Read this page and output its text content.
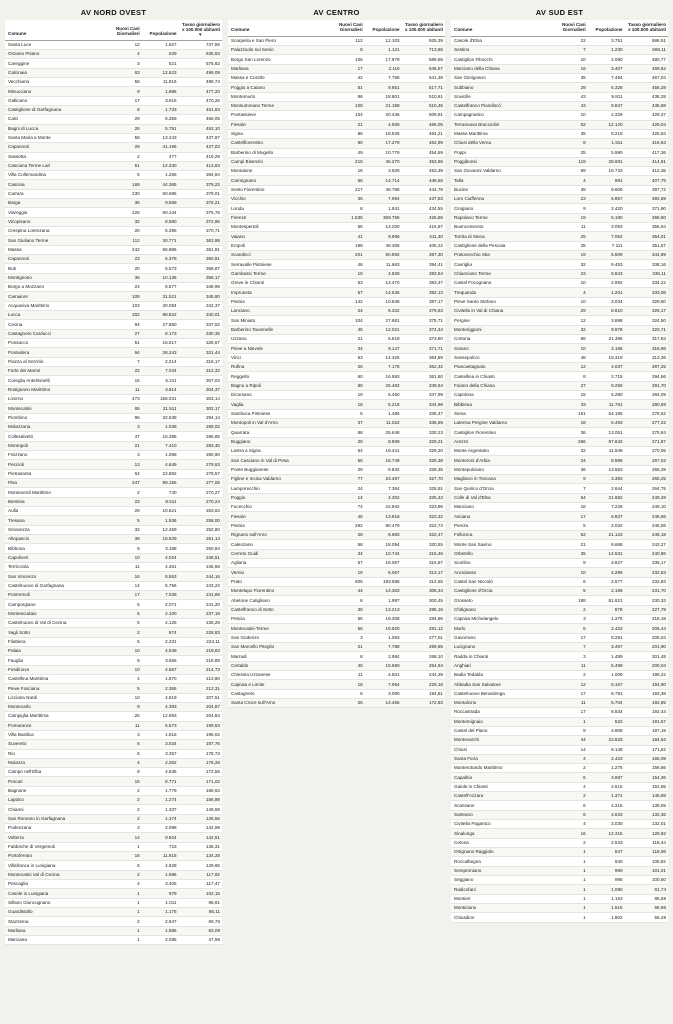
AV NORD OVEST
Comune	Nuovi Casi Giornalieri	Popolazione	Tasso giornaliero x 100.000 abitanti
▼

Santa Luce	12	1.627	737,55
Orciano Pisano	4	629	635,93
Careggine	3	521	575,82
Calcinaia	63	12.623	499,09
Vecchiano	58	11.916	486,74
Minucciano	9	1.886	477,20
Gallicano	17	3.615	470,26
Castiglione di Garfagnana	8	1.733	461,63
Calci	29	6.359	456,05
Bagni di Lucca	26	5.751	452,10
Santa Maria a Monte	58	13.243	437,97
Capannori	29	41.196	427,03
Sassetta	2	477	419,29
Casciana Terme Lari	51	12.330	413,63
Villa Collemandina	5	1.266	394,94
Cascina	169	44.365	379,22
Carrara	230	60.685	379,01
Barga	36	9.569	376,21
Viareggio	226	60.144	375,76
Vicopisano	32	8.580	372,96
Crespina Lorenzana	20	5.395	370,71
San Giuliano Terme	112	30.771	363,98
Massa	242	66.886	361,81
Capannori	23	6.378	360,61
Buti	20	5.573	358,87
Montignoso	36	10.136	355,17
Borgo a Mozzano	24	6.877	348,99
Camaiore	109	31.521	345,80
Acquaviva Marittimo	103	30.084	342,37
Lucca	302	88.822	340,01
Cecina	94	27.850	337,52
Castagneto Carducci	27	8.173	330,35
Ponsacco	51	15.517	328,67
Pontedera	94	28.243	321,44
Piazza al Serchio	7	2.214	316,17
Forte dei Marmi	22	7.044	312,32
Coreglia Antelminelli	16	5.211	307,04
Rosignano Marittimo	11	3.614	304,37
Livorno	473	156.031	303,14
Montecatini	65	21.511	302,17
Piombino	96	32.638	294,14
Molazzana	3	1.038	289,02
Collesalvetti	47	16.385	286,85
Montopoli	21	7.410	283,40
Fivizzano	3	1.068	280,90
Peccioli	13	4.649	279,63
Pietrasanta	64	22.892	279,57
Pisa	247	89.155	277,05
Monteverdi Marittimo	2	740	270,27
Bientina	23	8.511	270,24
Aulla	28	10.621	263,63
Tresana	5	1.936	258,00
Seravezza	32	12.459	252,80
Altopascio	39	15.529	251,14
Bibbona	8	3.188	250,94
Capoliveri	10	4.024	248,51
Terricciola	11	4.461	246,58
San Vincenzo	16	6.553	244,16
Castelnuovo di Garfagnana	14	5.756	243,22
Pontremoli	17	7.028	241,89
Camporgiano	5	2.071	241,20
Montescudaio	5	2.100	237,19
Castelnuovo di Val di Cecina	5	2.125	235,29
Vagli Sotto	2	874	228,83
Filattiera	5	2.231	224,11
Palaia	10	4.549	219,83
Fauglia	8	3.655	218,88
Fosdinovo	10	4.657	214,73
Castellina Marittima	4	1.870	213,90
Pieve Fosciana	5	2.355	212,31
Licciana Nardi	10	4.819	207,51
Montecarlo	9	4.393	204,87
Campiglia Marittima	26	12.693	204,84
Pomarance	11	5.573	199,53
Villa Basilica	3	1.515	198,02
Suvereto	6	3.034	197,76
Rio	6	3.357	178,73
Mulazzo	4	2.262	175,28
Campo nell'Elba	8	4.636	172,56
Porcari	15	8.771	171,02
Bagnone	2	1.779	168,63
Lajatico	2	1.274	156,99
Chianni	2	1.337	149,59
San Romano in Garfagnana	2	1.374	145,56
Podenzana	3	2.098	142,99
Volterra	14	9.824	142,51
Fabbriche di Vergemoli	1	723	138,31
Portoferraio	16	11.915	134,28
Villafranca in Lunigiana	6	4.628	129,65
Montecatini Val di Cecina	2	1.696	117,92
Pescaglia	4	3.405	117,47
Casole in Lunigiana	1	979	102,15
Sillano Giuncugnano	1	1.011	98,91
Guardistallo	1	1.175	85,11
Stazzema	2	2.847	69,76
Marliana	1	1.585	63,09
Marciana	1	2.085	47,96
AV CENTRO
Comune	Nuovi Casi Giornalieri	Popolazione	Tasso giornaliero x 100.000 abitanti
Scarperia e San Piero	112	12.103	925,39
Palazzuolo sul Senio	8	1.121	713,65
Borgo San Lorenzo	106	17.979	589,58
Marliana	17	3.116	545,57
Massa e Cozzile	42	7.758	541,38
Poggio a Caiano	51	9.851	517,71
Montemurlo	96	18.801	510,61
Monsummano Terme	108	21.158	510,45
Pontassieve	104	20.436	509,91
Fiesole	21	4.506	466,05
Signa	86	18.526	464,21
Castelfiorentino	80	17.279	462,99
Barberino di Mugello	49	10.779	454,59
Campi Bisenzio	210	46.270	453,86
Montaione	16	3.529	453,39
Carmignano	66	14.714	448,55
Sesto Fiorentino	217	48.768	444,78
Vicchio	35	7.994	437,83
Londa	8	1.841	434,55
Firenze	1.535	359.755	426,68
Montespertoli	55	13.200	416,67
Vaiano	41	9.966	411,40
Empoli	198	48.368	405,22
Scandicci	201	50.592	397,30
Serravalle Pistoiese	46	11.663	394,41
Gambassi Terme	19	4.828	393,54
Greve in Chianti	53	13.470	393,47
Impruneta	57	14.536	392,13
Pistoia	142	10.848	387,17
Lanciano	24	6.322	379,63
San Miniato	104	27.681	375,71
Barberino Tavarnelle	45	12.021	374,34
Uzzano	21	5.618	373,80
Pieve a Nievole	34	9.147	371,71
Vinci	53	14.325	364,89
Rufina	26	7.176	362,32
Reggello	60	16.593	361,60
Bagno a Ripoli	89	25.462	349,54
Dicomano	19	5.460	347,99
Vaglia	18	5.218	344,96
Sambuca Pistoiese	5	1.486	336,47
Montopoli in Val d'Arno	37	11.022	335,69
Quarrata	88	26.648	330,23
Buggiano	29	8.809	329,21
Lastra a Signa	64	19.441	329,20
San Casciano in Val di Pesa	55	16.749	328,38
Ponte Buggianese	29	8.832	328,35
Figline e Incisa Valdarno	77	23.497	327,70
Lamporecchio	24	7.364	325,91
Poggio	14	4.302	325,43
Fucecchio	74	22.942	323,96
Fiesole	45	13.918	323,32
Pistoia	292	90.479	322,73
Rignano sull'Arno	28	8.683	322,47
Calenzano	58	18.094	320,55
Cerreto Guidi	34	10.744	316,46
Agliana	57	18.057	315,67
Vernio	19	6.067	313,17
Prato	605	193.598	312,55
Montelupo Fiorentino	44	14.363	306,34
Abetone Cutigliano	6	1.997	300,45
Castelfranco di Sotto	39	13.213	295,16
Pescia	55	19.308	284,86
Montecatini-Terme	56	19.920	281,12
San Godenzo	3	1.083	277,01
San Marcello Piteglio	21	7.788	269,65
Marradi	8	2.984	268,10
Certaldo	40	15.690	254,94
Chiesina Uzzanese	11	4.501	244,39
Capraia e Limite	18	7.954	229,18
Castagneto	6	3.080	194,81
Santa Croce sull'Arno	25	14.465	172,83
AV SUD EST
Comune	Nuovi Casi Giornalieri	Popolazione	Tasso giornaliero x 100.000 abitanti
Casole d'Elsa	22	3.751	586,51
Sestino	7	1.230	569,11
Castiglion Fibocchi	10	2.080	480,77
Marciano della Chiana	16	3.407	469,62
San Gimignano	35	7.494	467,04
Subbiano	29	6.328	458,28
Sovicille	43	9.811	438,28
Castelfranco Piandiscò	43	9.847	436,68
Campagnatico	10	2.329	429,37
Terranuova Bracciolini	52	12.120	429,04
Massa Marittima	35	8.219	425,84
Chiusi della Verna	8	1.911	418,63
Poppi	25	5.990	417,36
Poggibonsi	119	28.681	414,91
San Giovanni Valdarno	69	16.733	412,36
Talla	4	981	407,75
Bucine	39	9.806	397,72
Loro Ciuffenna	23	5.857	392,69
Cinigiano	9	2.420	371,90
Rapolano Terme	19	5.180	366,80
Buonconvento	11	3.093	355,64
Torrita di Siena	25	7.062	354,01
Castiglione della Pescaia	25	7.111	351,57
Pratovecchio Stia	19	5.509	344,89
Cavriglia	32	9.463	338,16
Chianciano Terme	23	6.843	336,11
Castel Focognano	10	2.992	334,22
Trequanda	4	1.201	333,06
Pieve Santo Stefano	10	3.034	329,60
Civitella in Val di Chiana	29	8.810	329,17
Pergine	12	3.698	324,50
Monteriggioni	32	9.978	320,71
Cortona	68	21.395	317,83
Sorano	10	3.165	315,96
Sansepolcro	48	15.319	313,36
Piancastagnaio	12	4.037	297,25
Castellina in Chianti	8	2.715	294,66
Foiano della Chiana	27	9.256	291,70
Capolona	15	5.280	284,09
Bibbiena	33	11.761	280,59
Siena	151	54.195	278,62
Laterina Pergine Valdarno	18	6.493	277,22
Castiglion Fiorentino	36	13.051	275,84
Arezzo	266	97.842	271,87
Monte Argentario	32	11.849	270,06
Monteroni d'Arbia	24	8.988	267,02
Montepulciano	36	13.563	265,39
Magliano in Toscana	9	3.393	265,25
San Quirico d'Orcia	7	2.644	264,75
Colle di Val d'Elsa	54	21.662	249,28
Manciano	18	7.226	249,10
Asciano	17	6.837	248,65
Pienza	5	2.032	246,06
Follonica	52	21.123	246,18
Monte San Savino	21	8.668	242,27
Orbetello	35	14.531	240,86
Scarlino	9	3.827	235,17
Anciolasso	10	4.295	232,83
Castel San Niccolò	6	2.577	232,83
Castiglione d'Orcia	5	2.158	231,70
Grosseto	188	81.621	230,33
Chitignano	2	878	227,79
Capraia Michelangelo	3	1.375	218,18
Murlo	5	2.422	206,44
Gavorrano	17	8.291	205,04
Lucignano	7	3.467	201,90
Radda in Chianti	3	1.489	201,48
Anghiari	11	5.499	200,04
Badia Tedalda	2	1.009	198,22
Abbadia San Salvatore	12	6.157	194,90
Castelnuovo Berardenga	17	8.791	193,38
Montalcino	11	5.704	192,85
Roccastrada	17	8.834	192,44
Montemignaio	1	522	191,57
Castel del Piano	9	4.808	187,19
Montevarchi	44	23.833	184,62
Chiusi	14	8.148	171,82
Santa Fiora	4	2.423	165,09
Monterotondo Marittimo	2	1.275	156,86
Capalbio	6	3.887	154,36
Gaiole in Chianti	4	2.615	152,96
Castell'Azzara	2	1.371	145,88
Scansano	6	4.315	139,05
Sarteano	6	4.533	132,36
Civitella Paganico	4	3.030	132,01
Sinalunga	16	12.315	129,92
Cetona	2	2.533	118,44
Ortignano Raggiolo	1	847	118,06
Roccalbegna	1	940	105,82
Semproniano	1	990	101,01
Seggiano	1	995	100,50
Radicofani	1	1.090	91,74
Montieri	1	1.153	86,58
Monticiano	1	1.516	65,96
Chiusdino	1	1.802	55,49
